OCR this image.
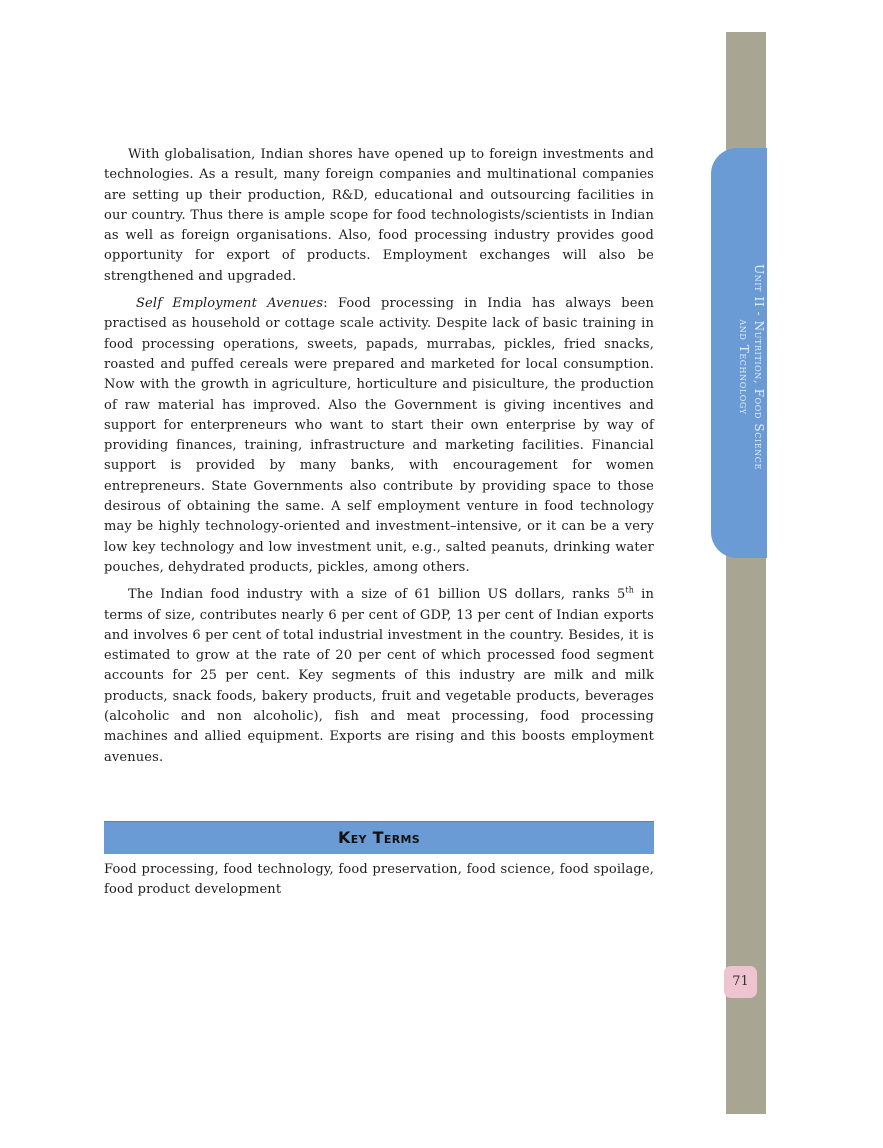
Unit II - Nutrition, Food Science
and Technology
71

With globalisation, Indian shores have opened up to foreign investments and technologies. As a result, many foreign companies and multinational companies are setting up their production, R&D, educational and outsourcing facilities in our country. Thus there is ample scope for food technologists/scientists in Indian as well as foreign organisations. Also, food processing industry provides good opportunity for export of products. Employment exchanges will also be strengthened and upgraded.

Self Employment Avenues: Food processing in India has always been practised as household or cottage scale activity. Despite lack of basic training in food processing operations, sweets, papads, murrabas, pickles, fried snacks, roasted and puffed cereals were prepared and marketed for local consumption. Now with the growth in agriculture, horticulture and pisiculture, the production of raw material has improved. Also the Government is giving incentives and support for enterpreneurs who want to start their own enterprise by way of providing finances, training, infrastructure and marketing facilities. Financial support is provided by many banks, with encouragement for women entrepreneurs. State Governments also contribute by providing space to those desirous of obtaining the same. A self employment venture in food technology may be highly technology-oriented and investment–intensive, or it can be a very low key technology and low investment unit, e.g., salted peanuts, drinking water pouches, dehydrated products, pickles, among others.

The Indian food industry with a size of 61 billion US dollars, ranks 5th in terms of size, contributes nearly 6 per cent of GDP, 13 per cent of Indian exports and involves 6 per cent of total industrial investment in the country. Besides, it is estimated to grow at the rate of 20 per cent of which processed food segment accounts for 25 per cent. Key segments of this industry are milk and milk products, snack foods, bakery products, fruit and vegetable products, beverages (alcoholic and non alcoholic), fish and meat processing, food processing machines and allied equipment. Exports are rising and this boosts employment avenues.

Key Terms

Food processing, food technology, food preservation, food science, food spoilage, food product development
